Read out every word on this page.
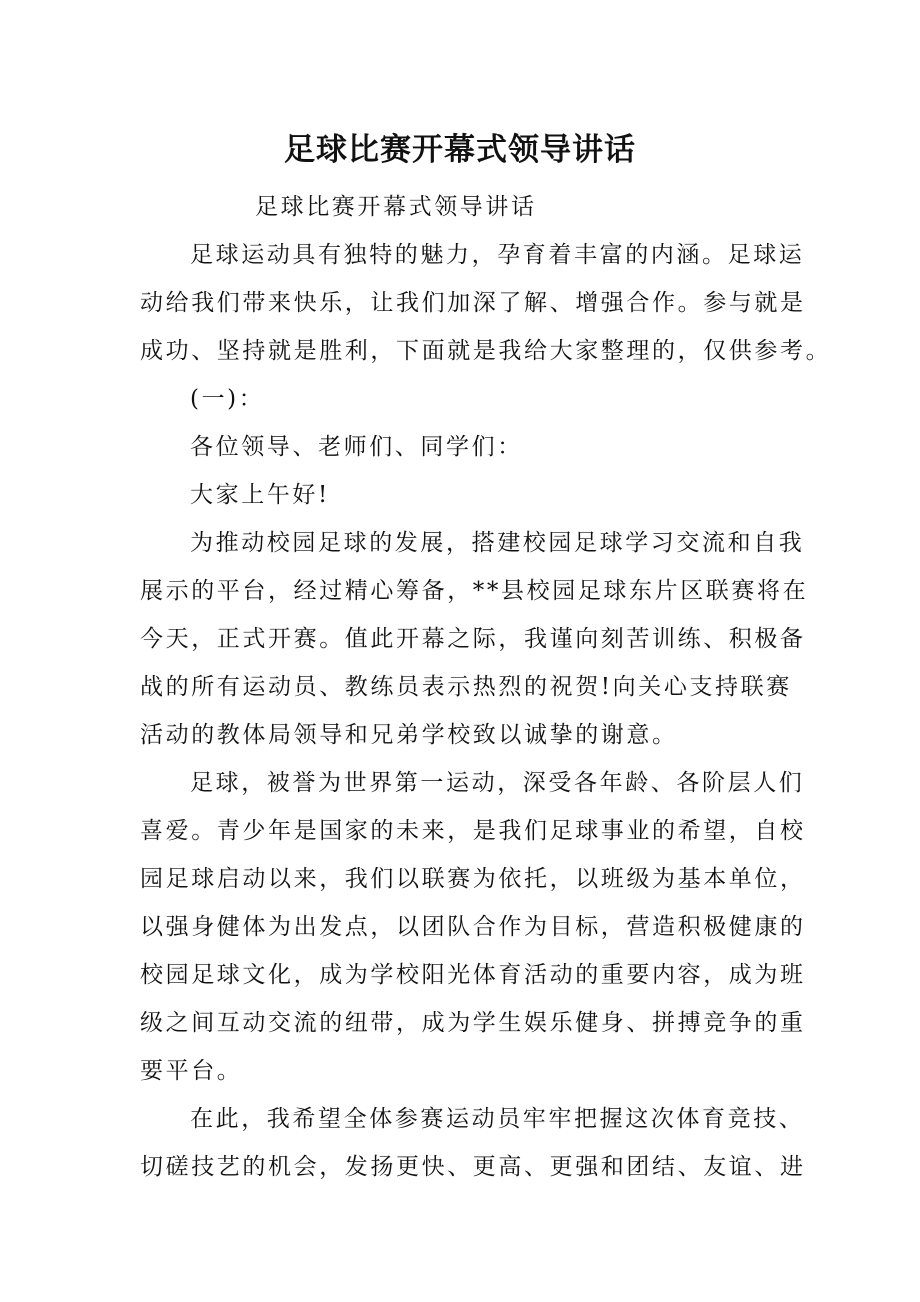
足球比赛开幕式领导讲话
足球比赛开幕式领导讲话
足球运动具有独特的魅力，孕育着丰富的内涵。足球运
动给我们带来快乐，让我们加深了解、增强合作。参与就是
成功、坚持就是胜利，下面就是我给大家整理的，仅供参考。
(一)：
各位领导、老师们、同学们：
大家上午好!
为推动校园足球的发展，搭建校园足球学习交流和自我
展示的平台，经过精心筹备，**县校园足球东片区联赛将在
今天，正式开赛。值此开幕之际，我谨向刻苦训练、积极备
战的所有运动员、教练员表示热烈的祝贺!向关心支持联赛
活动的教体局领导和兄弟学校致以诚挚的谢意。
足球，被誉为世界第一运动，深受各年龄、各阶层人们
喜爱。青少年是国家的未来，是我们足球事业的希望，自校
园足球启动以来，我们以联赛为依托，以班级为基本单位，
以强身健体为出发点，以团队合作为目标，营造积极健康的
校园足球文化，成为学校阳光体育活动的重要内容，成为班
级之间互动交流的纽带，成为学生娱乐健身、拼搏竞争的重
要平台。
在此，我希望全体参赛运动员牢牢把握这次体育竞技、
切磋技艺的机会，发扬更快、更高、更强和团结、友谊、进
